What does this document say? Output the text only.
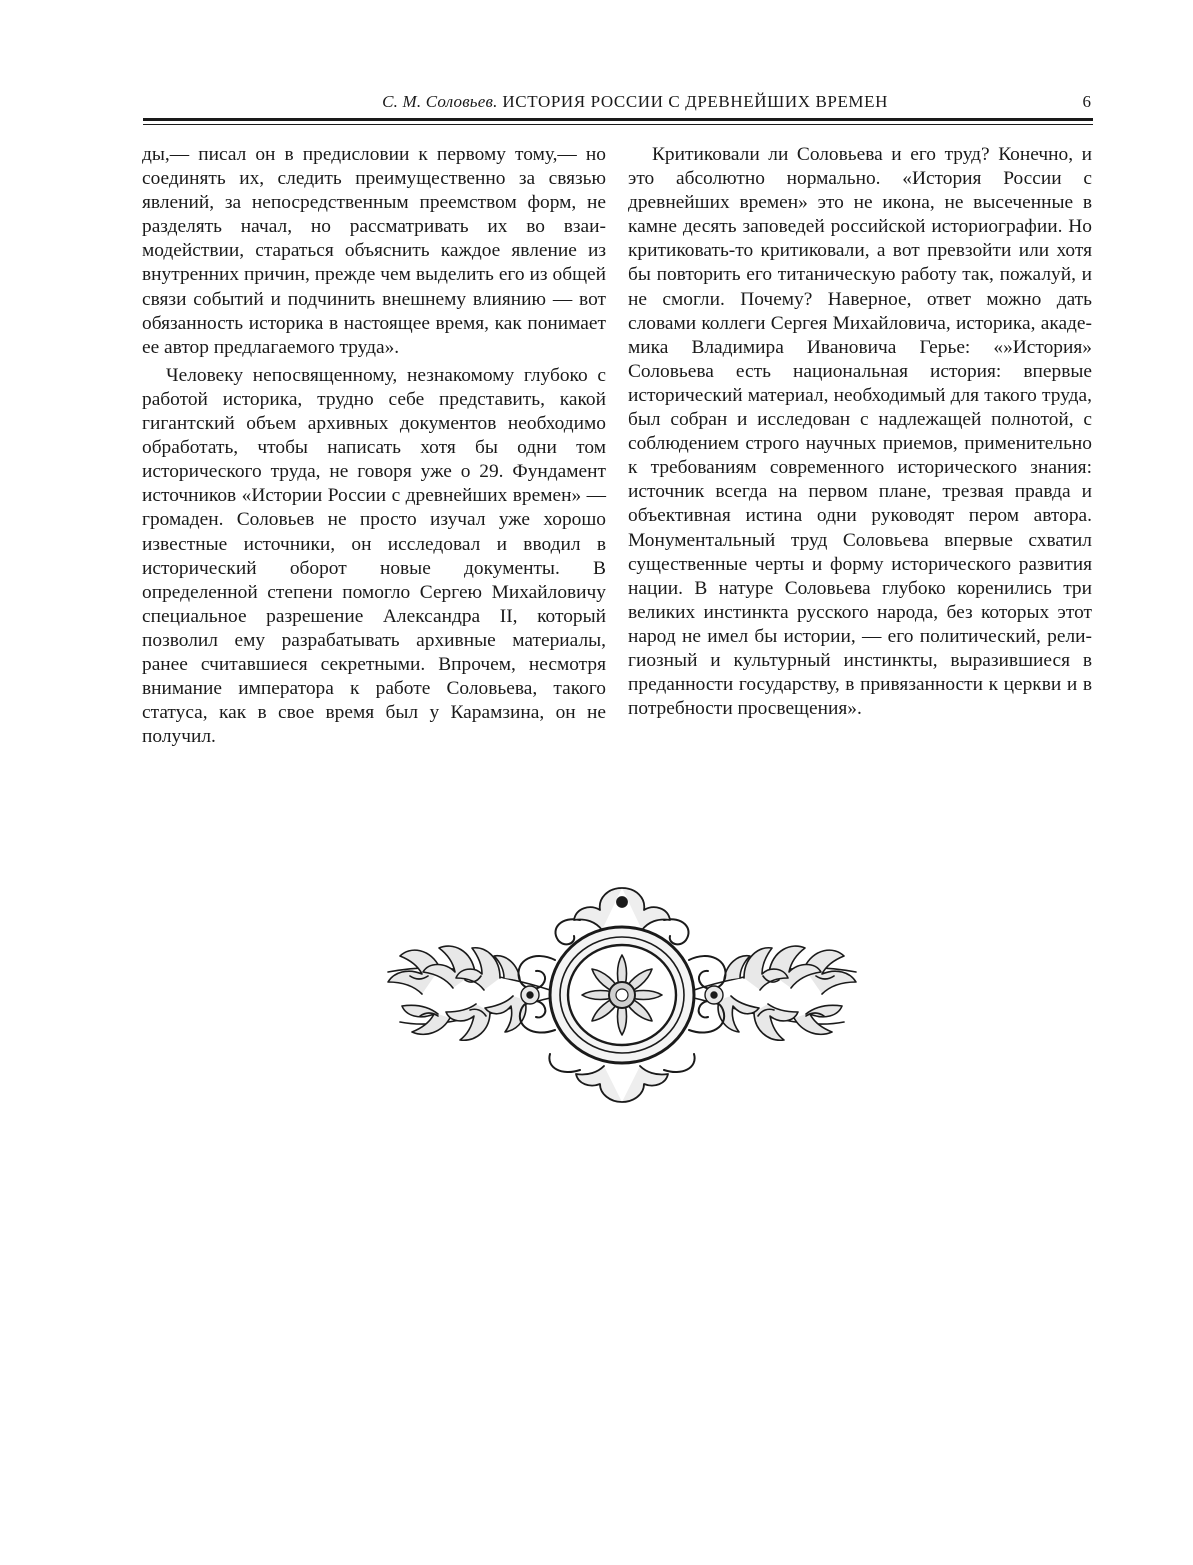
С. М. Соловьев. ИСТОРИЯ РОССИИ С ДРЕВНЕЙШИХ ВРЕМЕН	6

ды,— писал он в предисловии к первому тому,— но соединять их, следить преимущественно за связью явлений, за непосредственным преемством форм, не разделять начал, но рассматривать их во взаимодействии, стараться объяснить каждое явление из внутренних причин, прежде чем выделить его из общей связи событий и подчинить внешнему влиянию — вот обязанность историка в настоящее время, как понимает ее автор предлагаемого труда».

Человеку непосвященному, незнакомому глубоко с работой историка, трудно себе представить, какой гигантский объем архивных документов необходимо обработать, чтобы написать хотя бы одни том исторического труда, не говоря уже о 29. Фундамент источников «Истории России с древнейших времен» — громаден. Соловьев не просто изучал уже хорошо известные источники, он исследовал и вводил в исторический оборот новые документы. В определенной степени помогло Сергею Михайловичу специальное разрешение Александра II, который позволил ему разрабатывать архивные материалы, ранее считавшиеся секретными. Впрочем, несмотря внимание императора к работе Соловьева, такого статуса, как в свое время был у Карамзина, он не получил.

Критиковали ли Соловьева и его труд? Конечно, и это абсолютно нормально. «История России с древнейших времен» это не икона, не высеченные в камне десять заповедей российской историографии. Но критиковать-то критиковали, а вот превзойти или хотя бы повторить его титаническую работу так, пожалуй, и не смогли. Почему? Наверное, ответ можно дать словами коллеги Сергея Михайловича, историка, академика Владимира Ивановича Герье: «»История» Соловьева есть национальная история: впервые исторический материал, необходимый для такого труда, был собран и исследован с надлежащей полнотой, с соблюдением строго научных приемов, применительно к требованиям современного исторического знания: источник всегда на первом плане, трезвая правда и объективная истина одни руководят пером автора. Монументальный труд Соловьева впервые схватил существенные черты и форму исторического развития нации. В натуре Соловьева глубоко коренились три великих инстинкта русского народа, без которых этот народ не имел бы истории, — его политический, религиозный и культурный инстинкты, выразившиеся в преданности государству, в привязанности к церкви и в потребности просвещения».
